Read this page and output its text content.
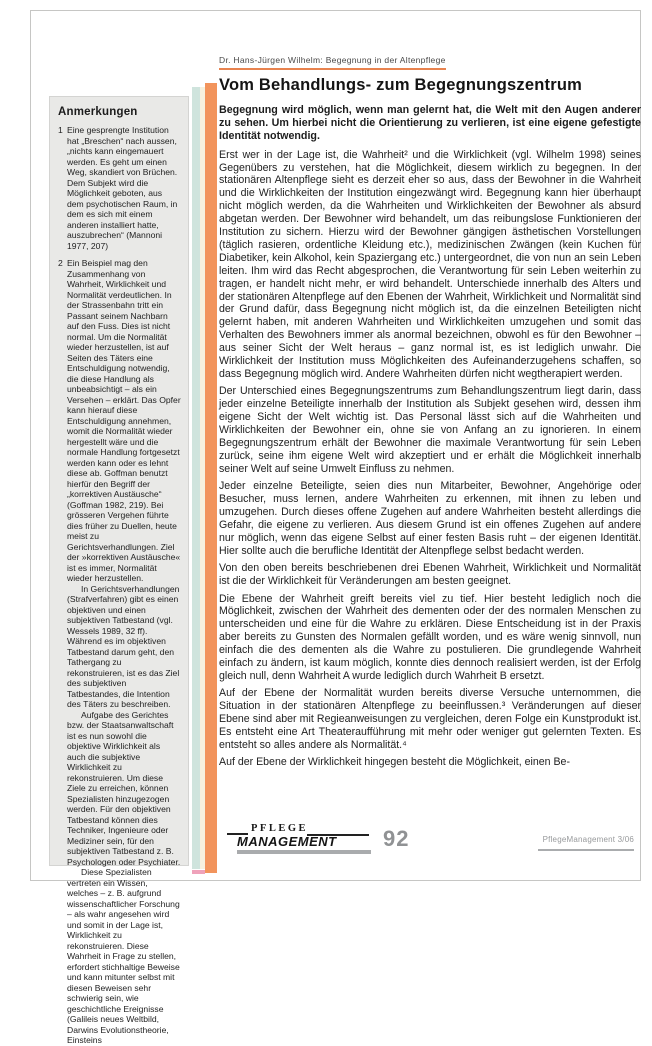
Dr. Hans-Jürgen Wilhelm: Begegnung in der Altenpflege
Anmerkungen
1 Eine gesprengte Institution hat „Breschen“ nach aussen, „nichts kann eingemauert werden. Es geht um einen Weg, skandiert von Brüchen. Dem Subjekt wird die Möglichkeit geboten, aus dem psychotischen Raum, in dem es sich mit einem anderen installiert hatte, auszubrechen“ (Mannoni 1977, 207)

2 Ein Beispiel mag den Zusammenhang von Wahrheit, Wirklichkeit und Normalität verdeutlichen. In der Strassenbahn tritt ein Passant seinem Nachbarn auf den Fuss. Dies ist nicht normal. Um die Normalität wieder herzustellen, ist auf Seiten des Täters eine Entschuldigung notwendig, die diese Handlung als unbeabsichtigt – als ein Versehen – erklärt. Das Opfer kann hierauf diese Entschuldigung annehmen, womit die Normalität wieder hergestellt wäre und die normale Handlung fortgesetzt werden kann oder es lehnt diese ab. Goffman benutzt hierfür den Begriff der „korrektiven Austäusche“ (Goffman 1982, 219). Bei grösseren Vergehen führte dies früher zu Duellen, heute meist zu Gerichtsverhandlungen. Ziel der »korrektiven Austäusche« ist es immer, Normalität wieder herzustellen.

In Gerichtsverhandlungen (Strafverfahren) gibt es einen objektiven und einen subjektiven Tatbestand (vgl. Wessels 1989, 32 ff). Während es im objektiven Tatbestand darum geht, den Tathergang zu rekonstruieren, ist es das Ziel des subjektiven Tatbestandes, die Intention des Täters zu beschreiben.

Aufgabe des Gerichtes bzw. der Staatsanwaltschaft ist es nun sowohl die objektive Wirklichkeit als auch die subjektive Wirklichkeit zu rekonstruieren. Um diese Ziele zu erreichen, können Spezialisten hinzugezogen werden. Für den objektiven Tatbestand können dies Techniker, Ingenieure oder Mediziner sein, für den subjektiven Tatbestand z. B. Psychologen oder Psychiater.

Diese Spezialisten vertreten ein Wissen, welches – z. B. aufgrund wissenschaftlicher Forschung – als wahr angesehen wird und somit in der Lage ist, Wirklichkeit zu rekonstruieren. Diese Wahrheit in Frage zu stellen, erfordert stichhaltige Beweise und kann mitunter selbst mit diesen Beweisen sehr schwierig sein, wie geschichtliche Ereignisse (Galileis neues Weltbild, Darwins Evolutionstheorie, Einsteins

Vom Behandlungs- zum Begegnungszentrum

Begegnung wird möglich, wenn man gelernt hat, die Welt mit den Augen anderer zu sehen. Um hierbei nicht die Orientierung zu verlieren, ist eine eigene gefestigte Identität notwendig.

Erst wer in der Lage ist, die Wahrheit² und die Wirklichkeit (vgl. Wilhelm 1998) seines Gegenübers zu verstehen, hat die Möglichkeit, diesem wirklich zu begegnen. In der stationären Altenpflege sieht es derzeit eher so aus, dass der Bewohner in die Wahrheit und die Wirklichkeiten der Institution eingezwängt wird. Begegnung kann hier überhaupt nicht möglich werden, da die Wahrheiten und Wirklichkeiten der Bewohner als absurd abgetan werden. Der Bewohner wird behandelt, um das reibungslose Funktionieren der Institution zu sichern. Hierzu wird der Bewohner gängigen ästhetischen Vorstellungen (täglich rasieren, ordentliche Kleidung etc.), medizinischen Zwängen (kein Kuchen für Diabetiker, kein Alkohol, kein Spaziergang etc.) untergeordnet, die von nun an sein Leben leiten. Ihm wird das Recht abgesprochen, die Verantwortung für sein Leben weiterhin zu tragen, er handelt nicht mehr, er wird behandelt. Unterschiede innerhalb des Alters und der stationären Altenpflege auf den Ebenen der Wahrheit, Wirklichkeit und Normalität sind der Grund dafür, dass Begegnung nicht möglich ist, da die einzelnen Beteiligten nicht gelernt haben, mit anderen Wahrheiten und Wirklichkeiten umzugehen und somit das Verhalten des Bewohners immer als anormal bezeichnen, obwohl es für den Bewohner – aus seiner Sicht der Welt heraus – ganz normal ist, es ist lediglich unwahr. Die Wirklichkeit der Institution muss Möglichkeiten des Aufeinanderzugehens schaffen, so dass Begegnung möglich wird. Andere Wahrheiten dürfen nicht wegtherapiert werden.

Der Unterschied eines Begegnungszentrums zum Behandlungszentrum liegt darin, dass jeder einzelne Beteiligte innerhalb der Institution als Subjekt gesehen wird, dessen ihm eigene Sicht der Welt wichtig ist. Das Personal lässt sich auf die Wahrheiten und Wirklichkeiten der Bewohner ein, ohne sie von Anfang an zu ignorieren. In einem Begegnungszentrum erhält der Bewohner die maximale Verantwortung für sein Leben zurück, seine ihm eigene Welt wird akzeptiert und er erhält die Möglichkeit innerhalb seiner Welt auf seine Umwelt Einfluss zu nehmen.

Jeder einzelne Beteiligte, seien dies nun Mitarbeiter, Bewohner, Angehörige oder Besucher, muss lernen, andere Wahrheiten zu erkennen, mit ihnen zu leben und umzugehen. Durch dieses offene Zugehen auf andere Wahrheiten besteht allerdings die Gefahr, die eigene zu verlieren. Aus diesem Grund ist ein offenes Zugehen auf andere nur möglich, wenn das eigene Selbst auf einer festen Basis ruht – der eigenen Identität. Hier sollte auch die berufliche Identität der Altenpflege selbst bedacht werden.

Von den oben bereits beschriebenen drei Ebenen Wahrheit, Wirklichkeit und Normalität ist die der Wirklichkeit für Veränderungen am besten geeignet.

Die Ebene der Wahrheit greift bereits viel zu tief. Hier besteht lediglich noch die Möglichkeit, zwischen der Wahrheit des dementen oder der des normalen Menschen zu unterscheiden und eine für die Wahre zu erklären. Diese Entscheidung ist in der Praxis aber bereits zu Gunsten des Normalen gefällt worden, und es wäre wenig sinnvoll, nun einfach die des dementen als die Wahre zu postulieren. Die grundlegende Wahrheit einfach zu ändern, ist kaum möglich, konnte dies dennoch realisiert werden, ist der Erfolg gleich null, denn Wahrheit A wurde lediglich durch Wahrheit B ersetzt.

Auf der Ebene der Normalität wurden bereits diverse Versuche unternommen, die Situation in der stationären Altenpflege zu beeinflussen.³ Veränderungen auf dieser Ebene sind aber mit Regieanweisungen zu vergleichen, deren Folge ein Kunstprodukt ist. Es entsteht eine Art Theateraufführung mit mehr oder weniger gut gelernten Texten. Es entsteht so alles andere als Normalität.⁴

Auf der Ebene der Wirklichkeit hingegen besteht die Möglichkeit, einen Be-

PFLEGE
MANAGEMENT 92	PflegeManagement 3/06
